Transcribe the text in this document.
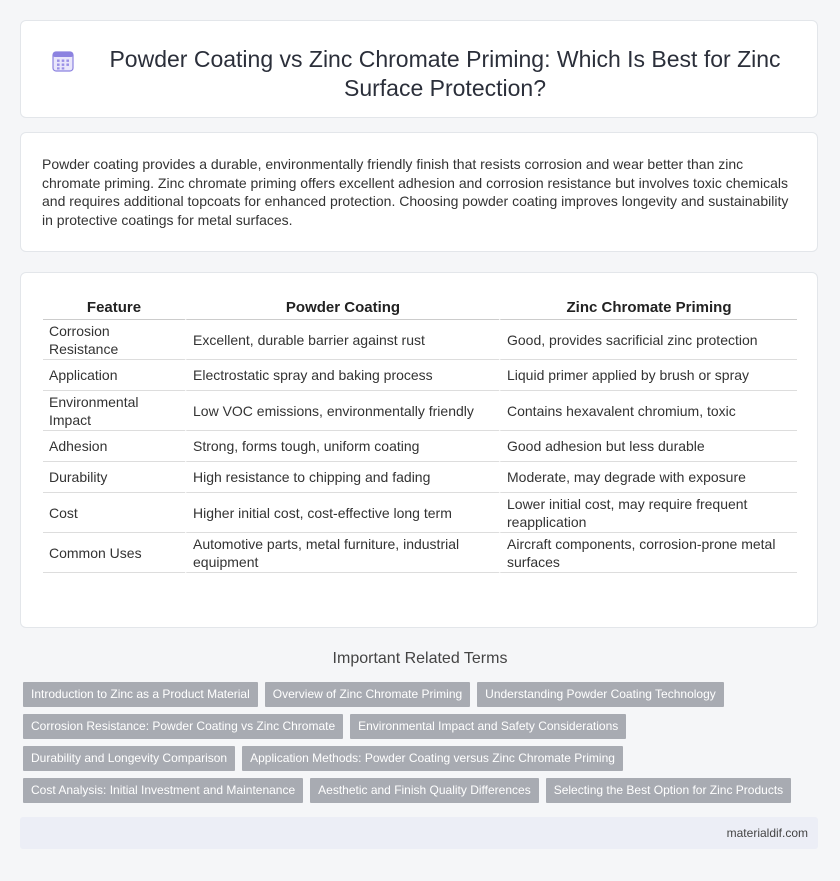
Powder Coating vs Zinc Chromate Priming: Which Is Best for Zinc Surface Protection?

Powder coating provides a durable, environmentally friendly finish that resists corrosion and wear better than zinc chromate priming. Zinc chromate priming offers excellent adhesion and corrosion resistance but involves toxic chemicals and requires additional topcoats for enhanced protection. Choosing powder coating improves longevity and sustainability in protective coatings for metal surfaces.

Feature	Powder Coating	Zinc Chromate Priming
Corrosion Resistance	Excellent, durable barrier against rust	Good, provides sacrificial zinc protection
Application	Electrostatic spray and baking process	Liquid primer applied by brush or spray
Environmental Impact	Low VOC emissions, environmentally friendly	Contains hexavalent chromium, toxic
Adhesion	Strong, forms tough, uniform coating	Good adhesion but less durable
Durability	High resistance to chipping and fading	Moderate, may degrade with exposure
Cost	Higher initial cost, cost-effective long term	Lower initial cost, may require frequent reapplication
Common Uses	Automotive parts, metal furniture, industrial equipment	Aircraft components, corrosion-prone metal surfaces
Important Related Terms
Introduction to Zinc as a Product Material	Overview of Zinc Chromate Priming	Understanding Powder Coating Technology
Corrosion Resistance: Powder Coating vs Zinc Chromate	Environmental Impact and Safety Considerations
Durability and Longevity Comparison	Application Methods: Powder Coating versus Zinc Chromate Priming
Cost Analysis: Initial Investment and Maintenance	Aesthetic and Finish Quality Differences	Selecting the Best Option for Zinc Products
materialdif.com
